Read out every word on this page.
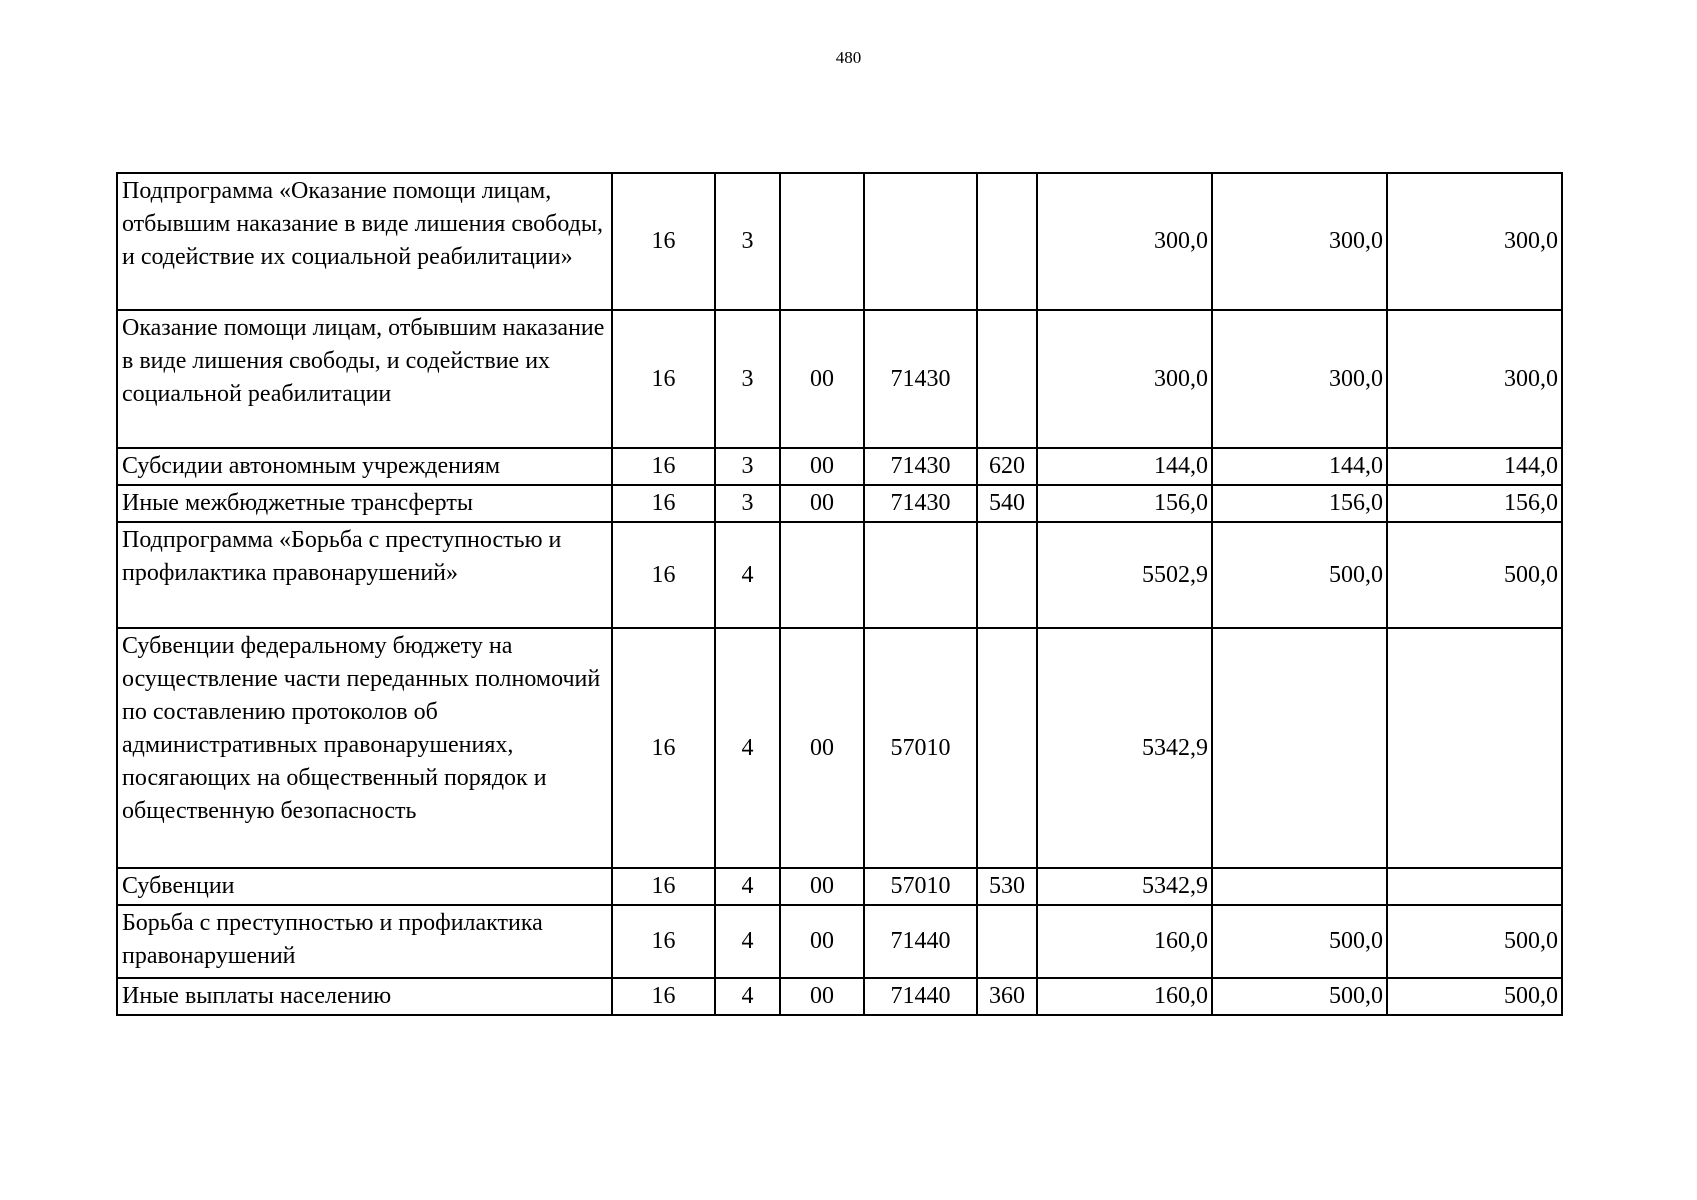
480
Подпрограмма «Оказание помощи лицам, отбывшим наказание в виде лишения свободы, и содействие их социальной реабилитации»	16	3				300,0	300,0	300,0
Оказание помощи лицам, отбывшим наказание в виде лишения свободы, и содействие их социальной реабилитации	16	3	00	71430		300,0	300,0	300,0
Субсидии автономным учреждениям	16	3	00	71430	620	144,0	144,0	144,0
Иные межбюджетные трансферты	16	3	00	71430	540	156,0	156,0	156,0
Подпрограмма «Борьба с преступностью и профилактика правонарушений»	16	4				5502,9	500,0	500,0
Субвенции федеральному бюджету на осуществление части переданных полномочий по составлению протоколов об административных правонарушениях, посягающих на общественный порядок и общественную безопасность	16	4	00	57010		5342,9		
Субвенции	16	4	00	57010	530	5342,9		
Борьба с преступностью и профилактика правонарушений	16	4	00	71440		160,0	500,0	500,0
Иные выплаты населению	16	4	00	71440	360	160,0	500,0	500,0
